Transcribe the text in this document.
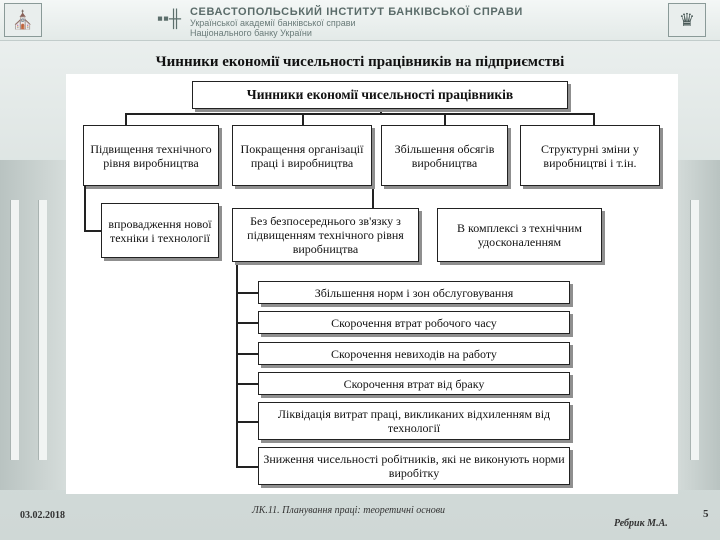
⛪	▪▪╫ СЕВАСТОПОЛЬСЬКИЙ ІНСТИТУТ БАНКІВСЬКОЇ СПРАВИ
Української академії банківської справи
Національного банку України
♛
Чинники економії чисельності працівників на підприємстві
Чинники економії чисельності працівників
Підвищення технічного рівня виробництва
Покращення організації праці і виробництва
Збільшення обсягів виробництва
Структурні зміни у виробництві і т.ін.
впровадження нової техніки і технології
Без безпосереднього зв'язку з підвищенням технічного рівня виробництва
В комплексі з технічним удосконаленням
Збільшення норм і зон обслуговування
Скорочення втрат робочого часу
Скорочення невиходів на работу
Скорочення втрат від браку
Ліквідація витрат праці, викликаних відхиленням від технології
Зниження чисельності робітників, які не виконують норми виробітку
03.02.2018	ЛК.11. Планування праці: теоретичні основи
Ребрик М.А.
5
